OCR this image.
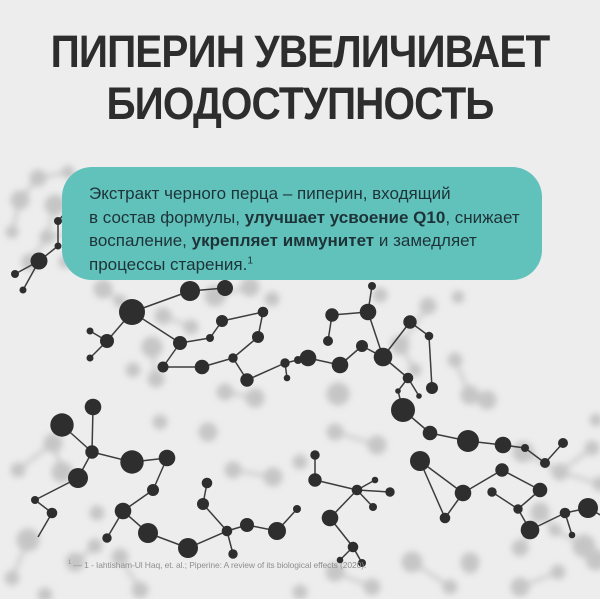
ПИПЕРИН УВЕЛИЧИВАЕТ
БИОДОСТУПНОСТЬ

Экстракт черного перца – пиперин, входящий
в состав формулы, улучшает усвоение Q10, снижает
воспаление, укрепляет иммунитет и замедляет
процессы старения.$^1$

$^1$ — 1 - Iahtisham-Ul Haq, et. al.; Piperine: A review of its biological effects (2020).
